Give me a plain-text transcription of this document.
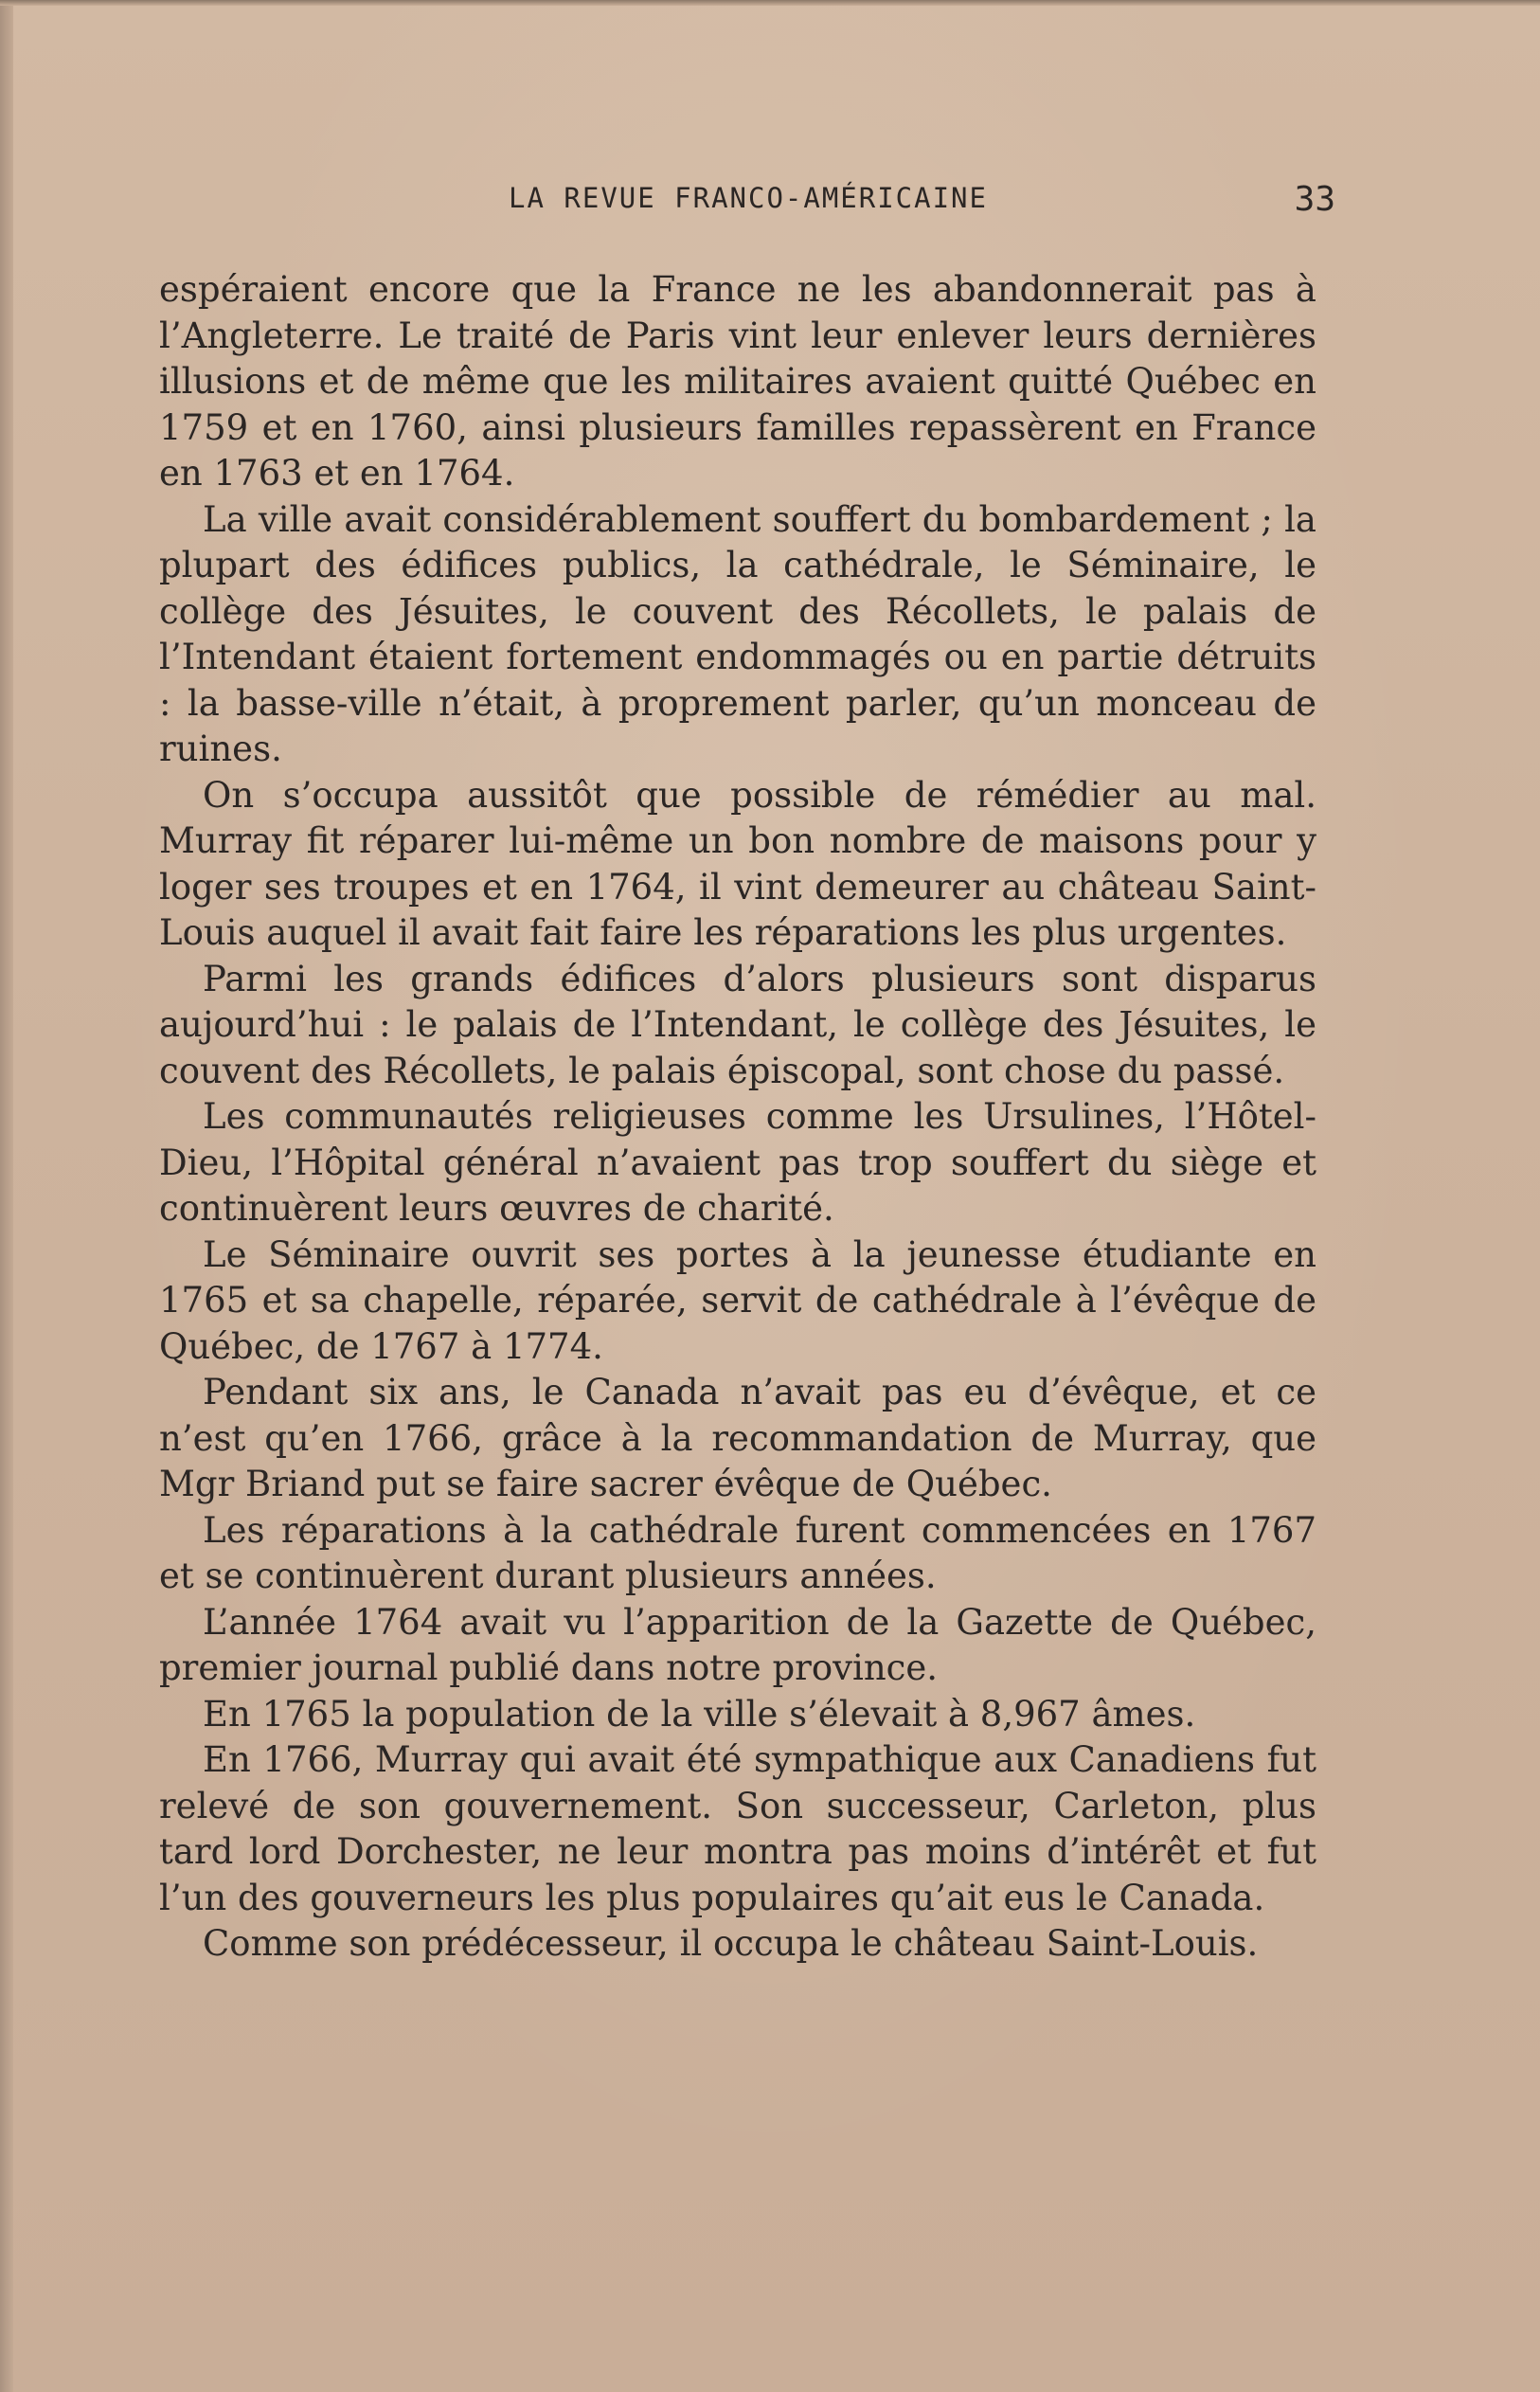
LA REVUE FRANCO-AMÉRICAINE	33

espéraient encore que la France ne les abandonnerait pas à l’Angleterre. Le traité de Paris vint leur enlever leurs dernières illusions et de même que les militaires avaient quitté Québec en 1759 et en 1760, ainsi plusieurs familles repassèrent en France en 1763 et en 1764.

La ville avait considérablement souffert du bombardement ; la plupart des édifices publics, la cathédrale, le Séminaire, le collège des Jésuites, le couvent des Récollets, le palais de l’Intendant étaient fortement endommagés ou en partie détruits : la basse-ville n’était, à proprement parler, qu’un monceau de ruines.

On s’occupa aussitôt que possible de rémédier au mal. Murray fit réparer lui-même un bon nombre de maisons pour y loger ses troupes et en 1764, il vint demeurer au château Saint-Louis auquel il avait fait faire les réparations les plus urgentes.

Parmi les grands édifices d’alors plusieurs sont disparus aujourd’hui : le palais de l’Intendant, le collège des Jésuites, le couvent des Récollets, le palais épiscopal, sont chose du passé.

Les communautés religieuses comme les Ursulines, l’Hôtel-Dieu, l’Hôpital général n’avaient pas trop souffert du siège et continuèrent leurs œuvres de charité.

Le Séminaire ouvrit ses portes à la jeunesse étudiante en 1765 et sa chapelle, réparée, servit de cathédrale à l’évêque de Québec, de 1767 à 1774.

Pendant six ans, le Canada n’avait pas eu d’évêque, et ce n’est qu’en 1766, grâce à la recommandation de Murray, que Mgr Briand put se faire sacrer évêque de Québec.

Les réparations à la cathédrale furent commencées en 1767 et se continuèrent durant plusieurs années.

L’année 1764 avait vu l’apparition de la Gazette de Québec, premier journal publié dans notre province.

En 1765 la population de la ville s’élevait à 8,967 âmes.

En 1766, Murray qui avait été sympathique aux Canadiens fut relevé de son gouvernement. Son successeur, Carleton, plus tard lord Dorchester, ne leur montra pas moins d’intérêt et fut l’un des gouverneurs les plus populaires qu’ait eus le Canada.

Comme son prédécesseur, il occupa le château Saint-Louis.
